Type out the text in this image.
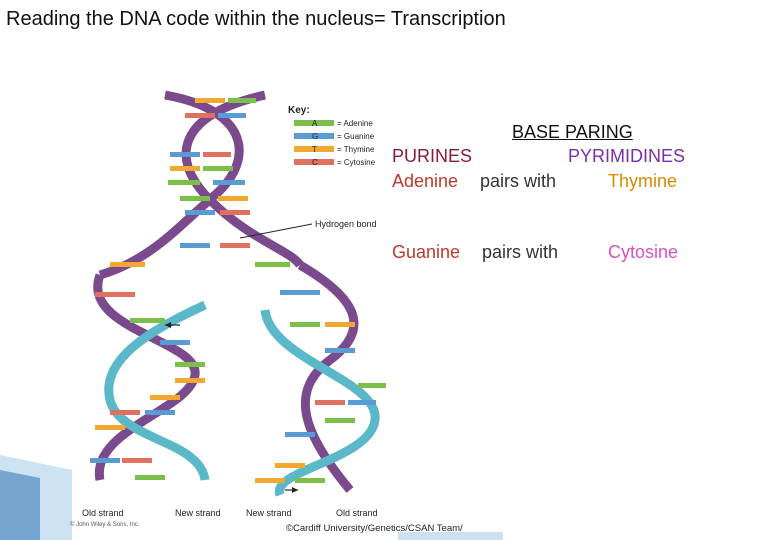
Reading the DNA code within the nucleus= Transcription
Key:
A
G
T
C
= Adenine
= Guanine
= Thymine
= Cytosine
Hydrogen bond
Old strand	New strand	New strand	Old strand
© John Wiley & Sons, Inc.
BASE PARING
PURINES	PYRIMIDINES
Adenine pairs with	Thymine
Guanine pairs with	Cytosine
©Cardiff University/Genetics/CSAN Team/
